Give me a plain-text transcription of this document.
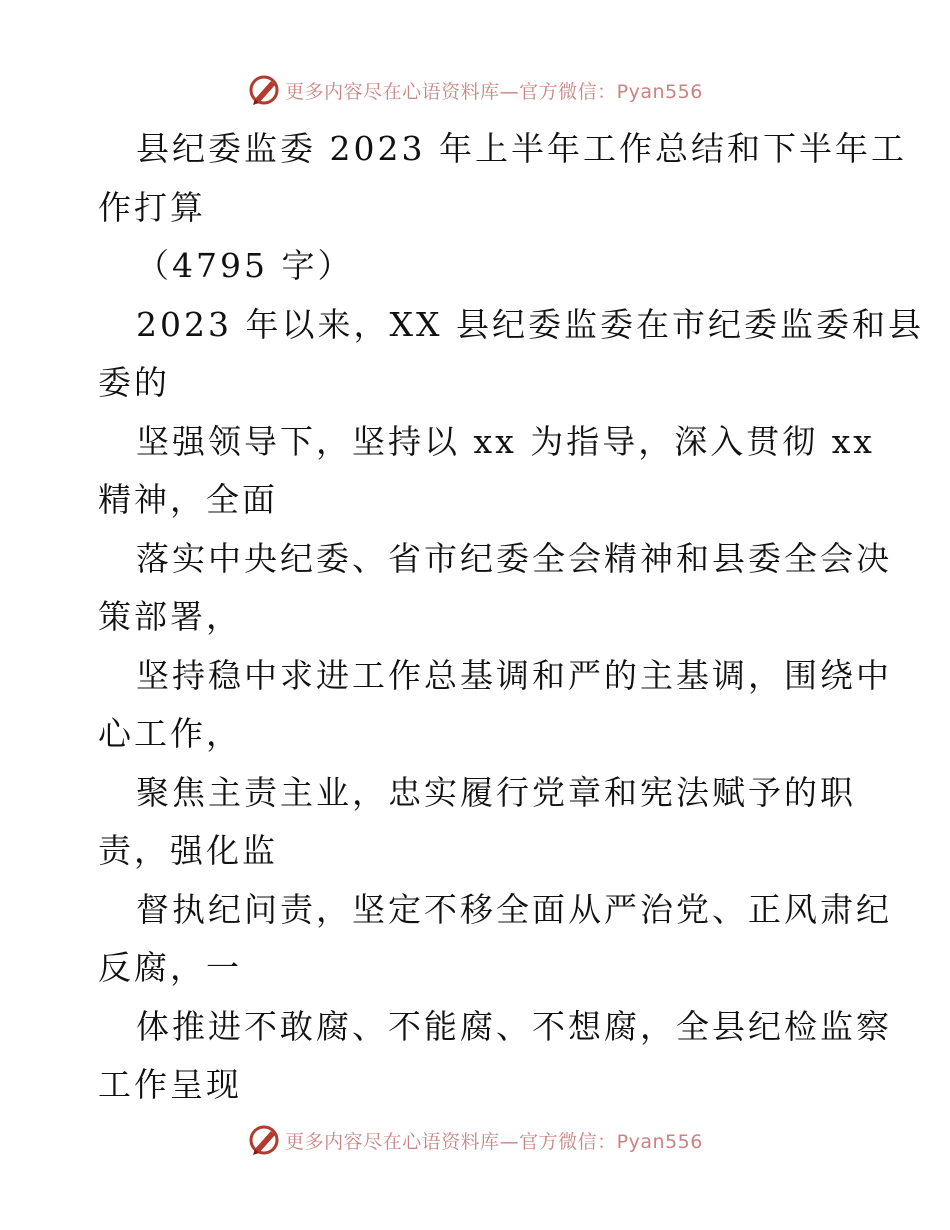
更多内容尽在心语资料库—官方微信：Pyan556
县纪委监委 2023 年上半年工作总结和下半年工
作打算
（4795 字）
2023 年以来，XX 县纪委监委在市纪委监委和县
委的
坚强领导下，坚持以 xx 为指导，深入贯彻 xx
精神，全面
落实中央纪委、省市纪委全会精神和县委全会决
策部署，
坚持稳中求进工作总基调和严的主基调，围绕中
心工作，
聚焦主责主业，忠实履行党章和宪法赋予的职
责，强化监
督执纪问责，坚定不移全面从严治党、正风肃纪
反腐，一
体推进不敢腐、不能腐、不想腐，全县纪检监察
工作呈现
更多内容尽在心语资料库—官方微信：Pyan556
